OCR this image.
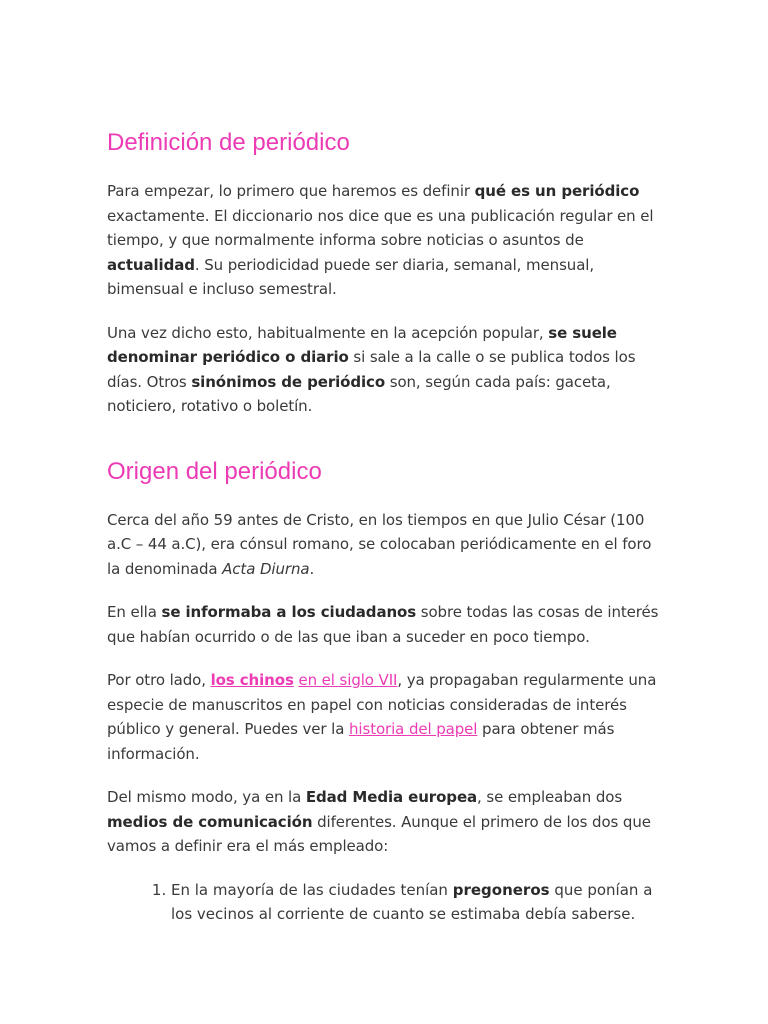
Definición de periódico

Para empezar, lo primero que haremos es definir qué es un periódico exactamente. El diccionario nos dice que es una publicación regular en el tiempo, y que normalmente informa sobre noticias o asuntos de actualidad. Su periodicidad puede ser diaria, semanal, mensual, bimensual e incluso semestral.

Una vez dicho esto, habitualmente en la acepción popular, se suele denominar periódico o diario si sale a la calle o se publica todos los días. Otros sinónimos de periódico son, según cada país: gaceta, noticiero, rotativo o boletín.

Origen del periódico

Cerca del año 59 antes de Cristo, en los tiempos en que Julio César (100 a.C – 44 a.C), era cónsul romano, se colocaban periódicamente en el foro la denominada Acta Diurna.

En ella se informaba a los ciudadanos sobre todas las cosas de interés que habían ocurrido o de las que iban a suceder en poco tiempo.

Por otro lado, los chinos en el siglo VII, ya propagaban regularmente una especie de manuscritos en papel con noticias consideradas de interés público y general. Puedes ver la historia del papel para obtener más información.

Del mismo modo, ya en la Edad Media europea, se empleaban dos medios de comunicación diferentes. Aunque el primero de los dos que vamos a definir era el más empleado:

1. En la mayoría de las ciudades tenían pregoneros que ponían a los vecinos al corriente de cuanto se estimaba debía saberse.
